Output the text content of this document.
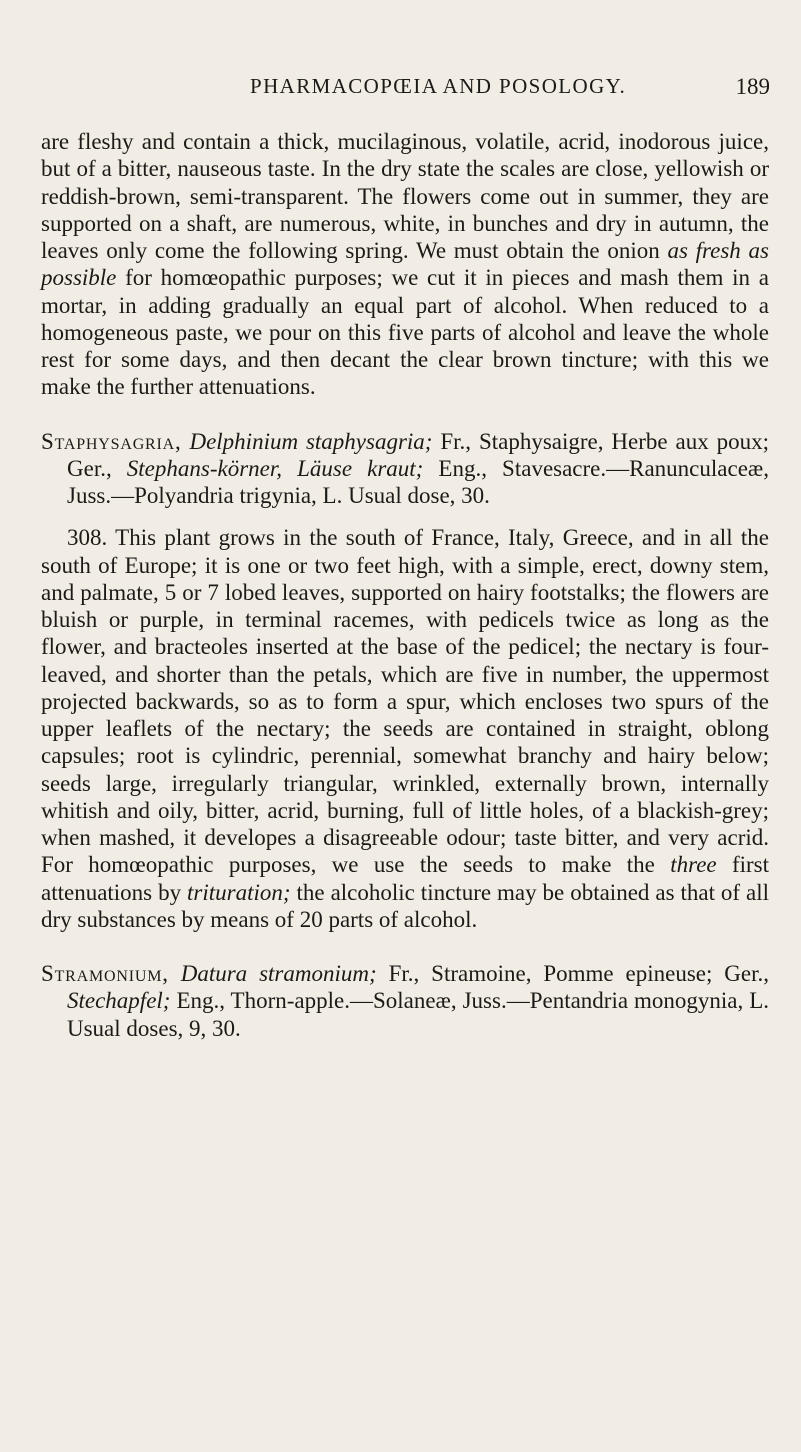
PHARMACOPŒIA AND POSOLOGY.	189

are fleshy and contain a thick, mucilaginous, volatile, acrid, inodorous juice, but of a bitter, nauseous taste. In the dry state the scales are close, yellowish or reddish-brown, semi-transparent. The flowers come out in summer, they are supported on a shaft, are numerous, white, in bunches and dry in autumn, the leaves only come the following spring. We must obtain the onion as fresh as possible for homœopathic purposes; we cut it in pieces and mash them in a mortar, in adding gradually an equal part of alcohol. When reduced to a homogeneous paste, we pour on this five parts of alcohol and leave the whole rest for some days, and then decant the clear brown tincture; with this we make the further attenuations.

Staphysagria, Delphinium staphysagria; Fr., Staphysaigre, Herbe aux poux; Ger., Stephans-körner, Läuse kraut; Eng., Stavesacre.—Ranunculaceæ, Juss.—Polyandria trigynia, L. Usual dose, 30.

308. This plant grows in the south of France, Italy, Greece, and in all the south of Europe; it is one or two feet high, with a simple, erect, downy stem, and palmate, 5 or 7 lobed leaves, supported on hairy footstalks; the flowers are bluish or purple, in terminal racemes, with pedicels twice as long as the flower, and bracteoles inserted at the base of the pedicel; the nectary is four-leaved, and shorter than the petals, which are five in number, the uppermost projected backwards, so as to form a spur, which encloses two spurs of the upper leaflets of the nectary; the seeds are contained in straight, oblong capsules; root is cylindric, perennial, somewhat branchy and hairy below; seeds large, irregularly triangular, wrinkled, externally brown, internally whitish and oily, bitter, acrid, burning, full of little holes, of a blackish-grey; when mashed, it developes a disagreeable odour; taste bitter, and very acrid. For homœopathic purposes, we use the seeds to make the three first attenuations by trituration; the alcoholic tincture may be obtained as that of all dry substances by means of 20 parts of alcohol.

Stramonium, Datura stramonium; Fr., Stramoine, Pomme epineuse; Ger., Stechapfel; Eng., Thorn-apple.—Solaneæ, Juss.—Pentandria monogynia, L. Usual doses, 9, 30.
